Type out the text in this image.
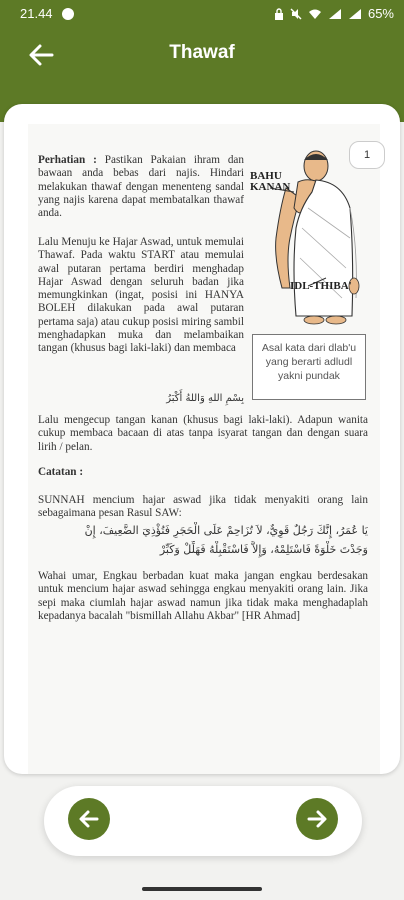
21.44	65%
Thawaf
Perhatian : Pastikan Pakaian ihram dan bawaan anda bebas dari najis. Hindari melakukan thawaf dengan menenteng sandal yang najis karena dapat membatalkan thawaf anda.
Lalu Menuju ke Hajar Aswad, untuk memulai Thawaf. Pada waktu START atau memulai awal putaran pertama berdiri menghadap Hajar Aswad dengan seluruh badan jika memungkinkan (ingat, posisi ini HANYA BOLEH dilakukan pada awal putaran pertama saja) atau cukup posisi miring sambil menghadapkan muka dan melambaikan tangan (khusus bagi laki-laki) dan membaca
بِسْمِ اللهِ وَاللهُ أَكْبَرُ
Lalu mengecup tangan kanan (khusus bagi laki-laki). Adapun wanita cukup membaca bacaan di atas tanpa isyarat tangan dan dengan suara lirih / pelan.
Catatan :
SUNNAH mencium hajar aswad jika tidak menyakiti orang lain sebagaimana pesan Rasul SAW:
يَا عُمَرُ، إِنَّكَ رَجُلٌ قَوِيٌّ، لاَ تُزَاحِمْ عَلَى الْحَجَرِ فَتُؤْذِيَ الضَّعِيفَ، إِنْ
وَجَدْتَ خَلْوَةً فَاسْتَلِمْهُ، وَإِلاَّ فَاسْتَقْبِلْهُ فَهَلِّلْ وَكَبِّرْ
Wahai umar, Engkau berbadan kuat maka jangan engkau berdesakan untuk mencium hajar aswad sehingga engkau menyakiti orang lain. Jika sepi maka ciumlah hajar aswad namun jika tidak maka menghadaplah kepadanya bacalah "bismillah Allahu Akbar" [HR Ahmad]
1
BAHU
KANAN
IDL-THIBA'
Asal kata dari dlab'u yang berarti adludl yakni pundak
